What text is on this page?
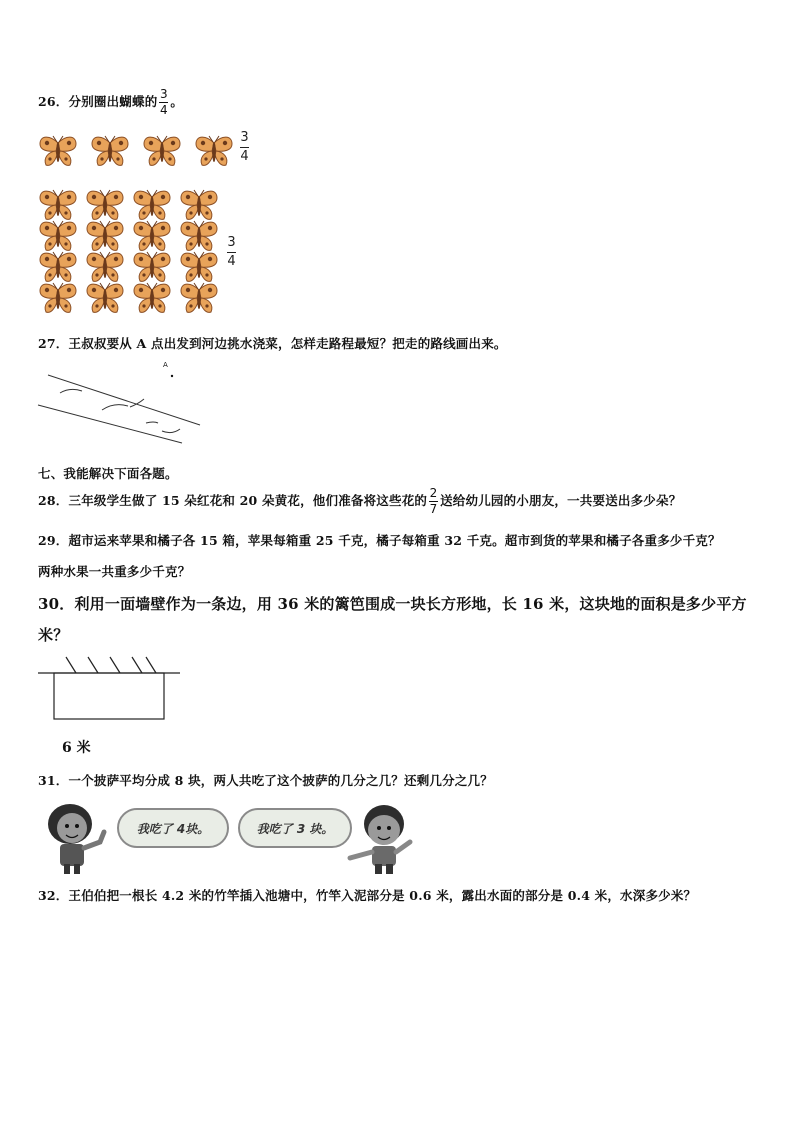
26．分别圈出蝴蝶的 $\frac{3}{4}$ 。
3
4
3
4
27．王叔叔要从 A 点出发到河边挑水浇菜，怎样走路程最短？把走的路线画出来。
A
七、我能解决下面各题。
28．三年级学生做了 15 朵红花和 20 朵黄花，他们准备将这些花的 $\frac{2}{7}$ 送给幼儿园的小朋友，一共要送出多少朵？
29．超市运来苹果和橘子各 15 箱，苹果每箱重 25 千克，橘子每箱重 32 千克。超市到货的苹果和橘子各重多少千克？
两种水果一共重多少千克？
30．利用一面墙壁作为一条边，用 36 米的篱笆围成一块长方形地，长 16 米，这块地的面积是多少平方
米？
6 米
31．一个披萨平均分成 8 块，两人共吃了这个披萨的几分之几？还剩几分之几？
我吃了 4块。	我吃了 3 块。
32．王伯伯把一根长 4.2 米的竹竿插入池塘中，竹竿入泥部分是 0.6 米，露出水面的部分是 0.4 米，水深多少米？
